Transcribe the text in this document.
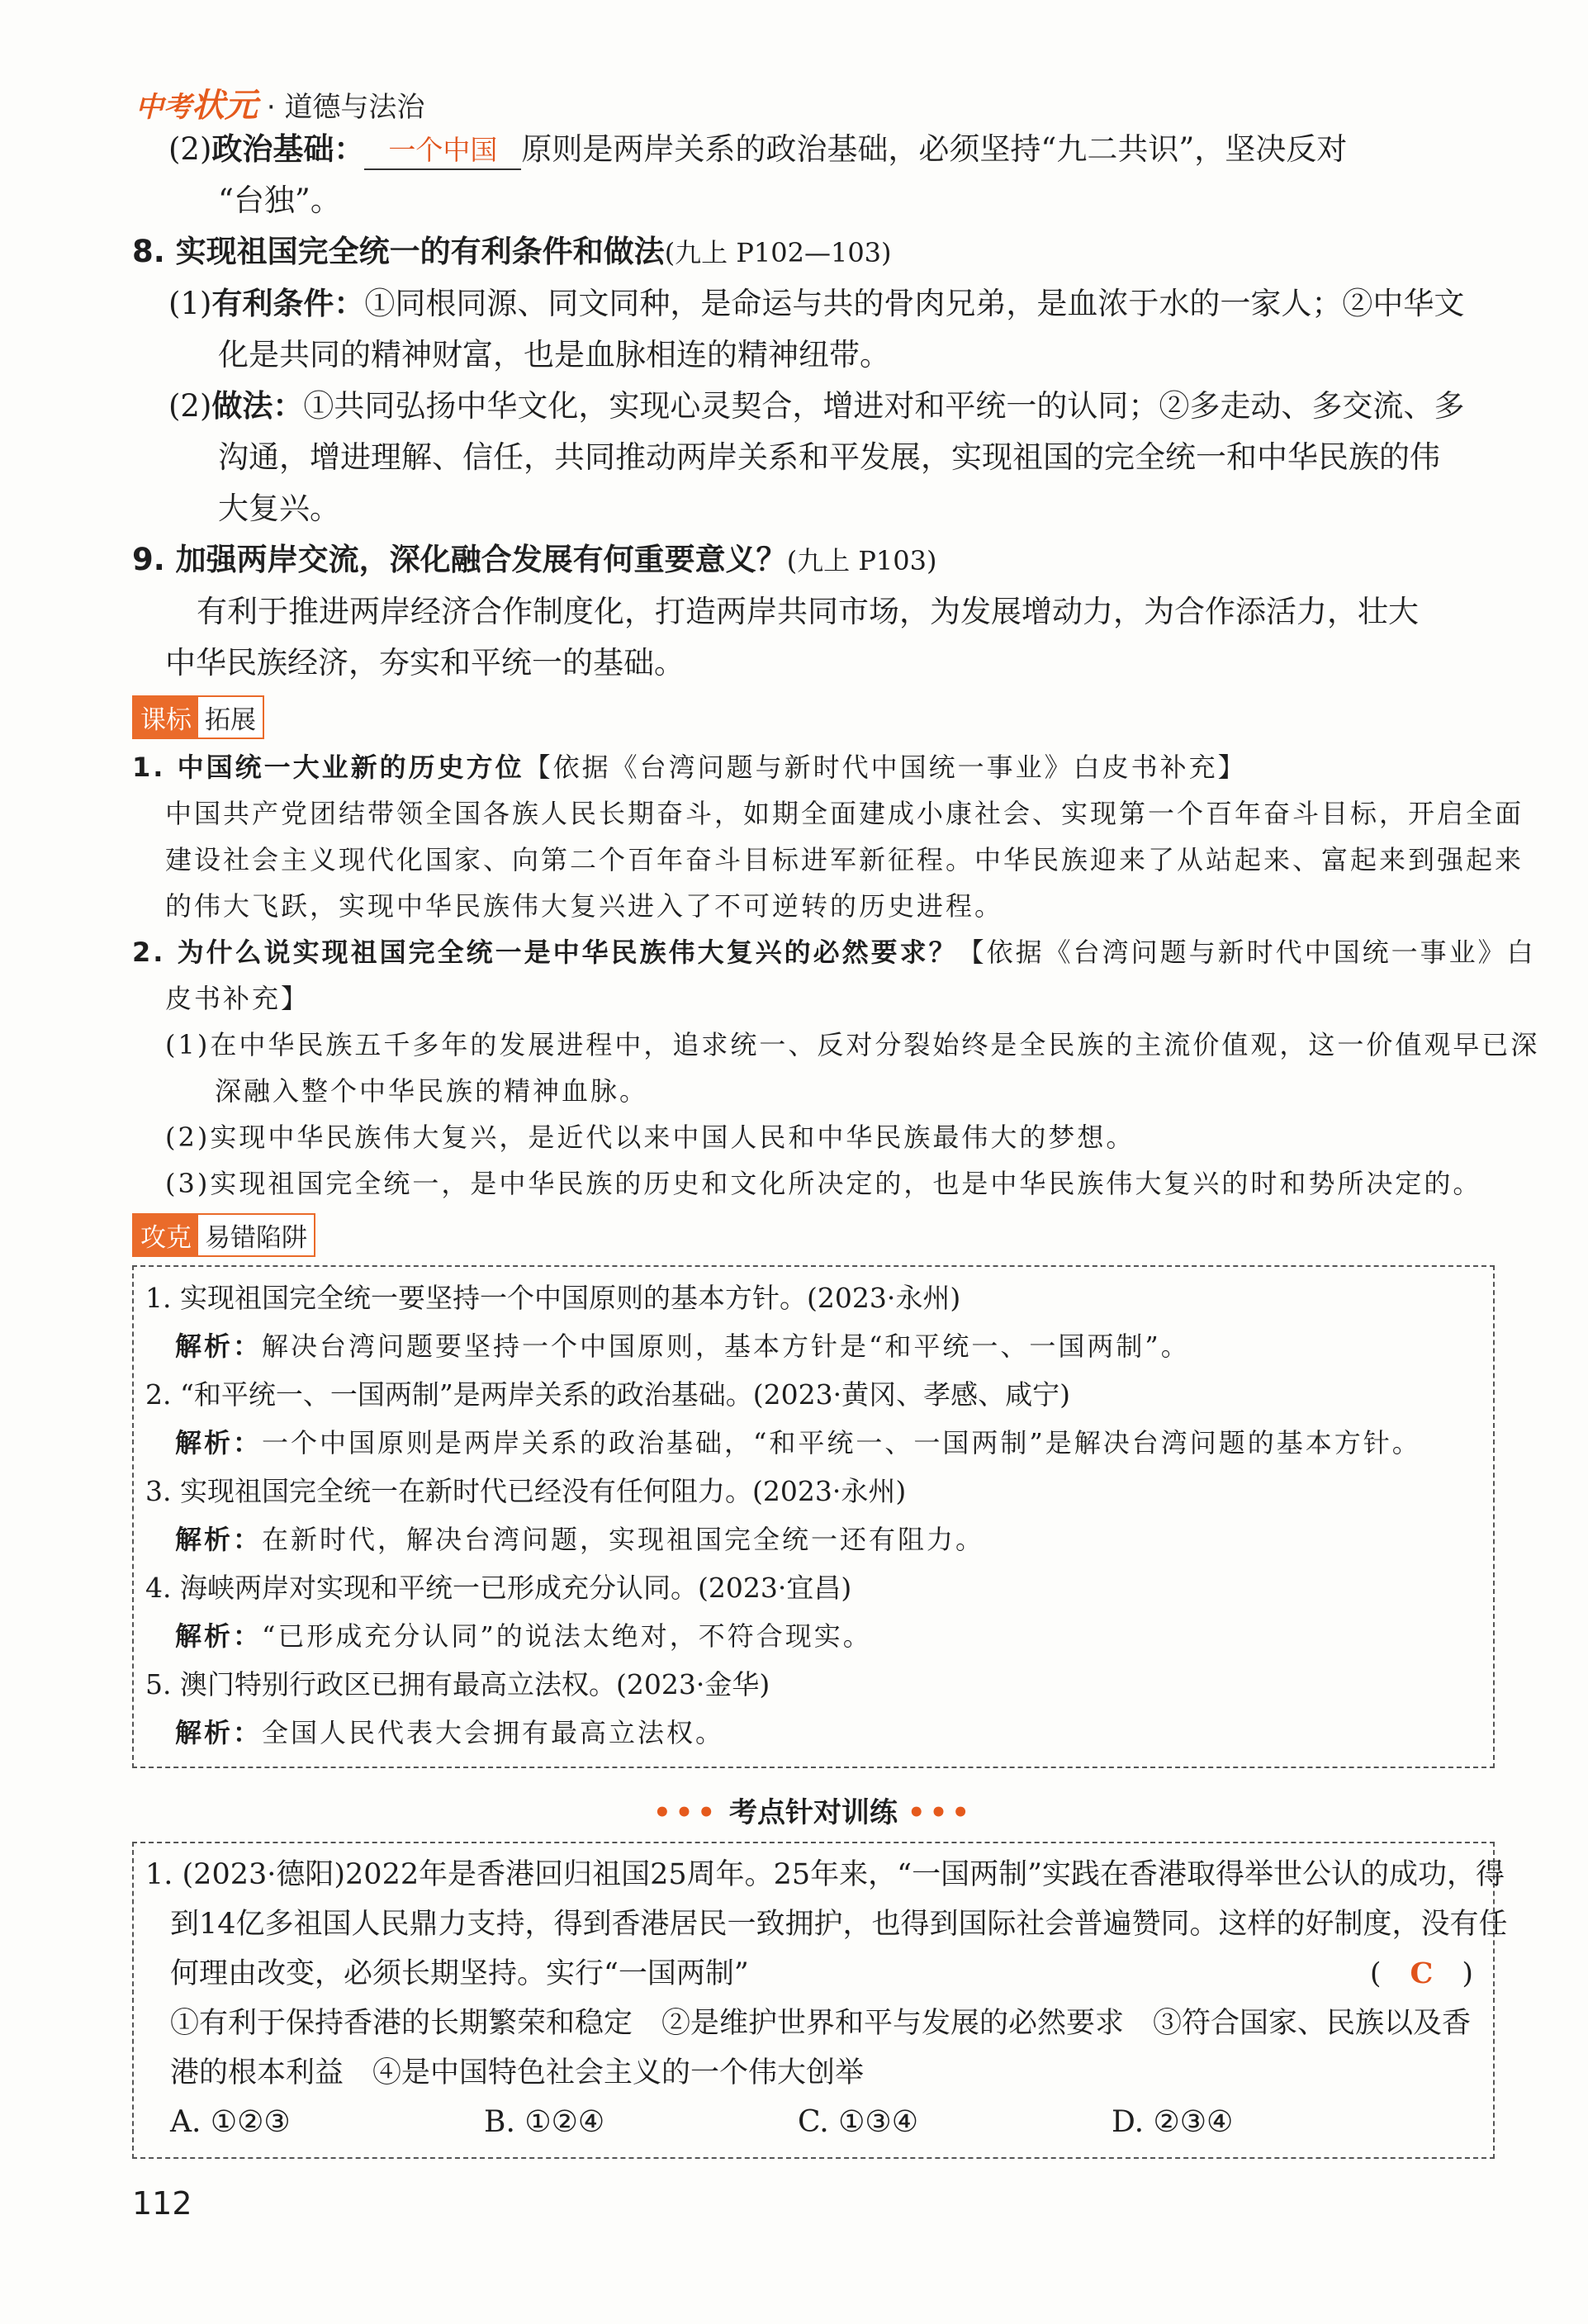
中考状元 · 道德与法治
(2)政治基础： 一个中国 原则是两岸关系的政治基础，必须坚持“九二共识”，坚决反对
“台独”。
8. 实现祖国完全统一的有利条件和做法(九上 P102—103)
(1)有利条件：①同根同源、同文同种，是命运与共的骨肉兄弟，是血浓于水的一家人；②中华文
化是共同的精神财富，也是血脉相连的精神纽带。
(2)做法：①共同弘扬中华文化，实现心灵契合，增进对和平统一的认同；②多走动、多交流、多
沟通，增进理解、信任，共同推动两岸关系和平发展，实现祖国的完全统一和中华民族的伟
大复兴。
9. 加强两岸交流，深化融合发展有何重要意义？(九上 P103)
有利于推进两岸经济合作制度化，打造两岸共同市场，为发展增动力，为合作添活力，壮大
中华民族经济，夯实和平统一的基础。
课标 拓展
1. 中国统一大业新的历史方位【依据《台湾问题与新时代中国统一事业》白皮书补充】
中国共产党团结带领全国各族人民长期奋斗，如期全面建成小康社会、实现第一个百年奋斗目标，开启全面
建设社会主义现代化国家、向第二个百年奋斗目标进军新征程。中华民族迎来了从站起来、富起来到强起来
的伟大飞跃，实现中华民族伟大复兴进入了不可逆转的历史进程。
2. 为什么说实现祖国完全统一是中华民族伟大复兴的必然要求？【依据《台湾问题与新时代中国统一事业》白
皮书补充】
(1)在中华民族五千多年的发展进程中，追求统一、反对分裂始终是全民族的主流价值观，这一价值观早已深
深融入整个中华民族的精神血脉。
(2)实现中华民族伟大复兴，是近代以来中国人民和中华民族最伟大的梦想。
(3)实现祖国完全统一，是中华民族的历史和文化所决定的，也是中华民族伟大复兴的时和势所决定的。
攻克 易错陷阱
1. 实现祖国完全统一要坚持一个中国原则的基本方针。(2023·永州)
解析：解决台湾问题要坚持一个中国原则，基本方针是“和平统一、一国两制”。
2. “和平统一、一国两制”是两岸关系的政治基础。(2023·黄冈、孝感、咸宁)
解析：一个中国原则是两岸关系的政治基础，“和平统一、一国两制”是解决台湾问题的基本方针。
3. 实现祖国完全统一在新时代已经没有任何阻力。(2023·永州)
解析：在新时代，解决台湾问题，实现祖国完全统一还有阻力。
4. 海峡两岸对实现和平统一已形成充分认同。(2023·宜昌)
解析：“已形成充分认同”的说法太绝对，不符合现实。
5. 澳门特别行政区已拥有最高立法权。(2023·金华)
解析：全国人民代表大会拥有最高立法权。
••• 考点针对训练 •••
1. (2023·德阳)2022年是香港回归祖国25周年。25年来，“一国两制”实践在香港取得举世公认的成功，得
到14亿多祖国人民鼎力支持，得到香港居民一致拥护，也得到国际社会普遍赞同。这样的好制度，没有任
何理由改变，必须长期坚持。实行“一国两制”	(  C  )
①有利于保持香港的长期繁荣和稳定　②是维护世界和平与发展的必然要求　③符合国家、民族以及香
港的根本利益　④是中国特色社会主义的一个伟大创举
A. ①②③	B. ①②④	C. ①③④	D. ②③④
112
